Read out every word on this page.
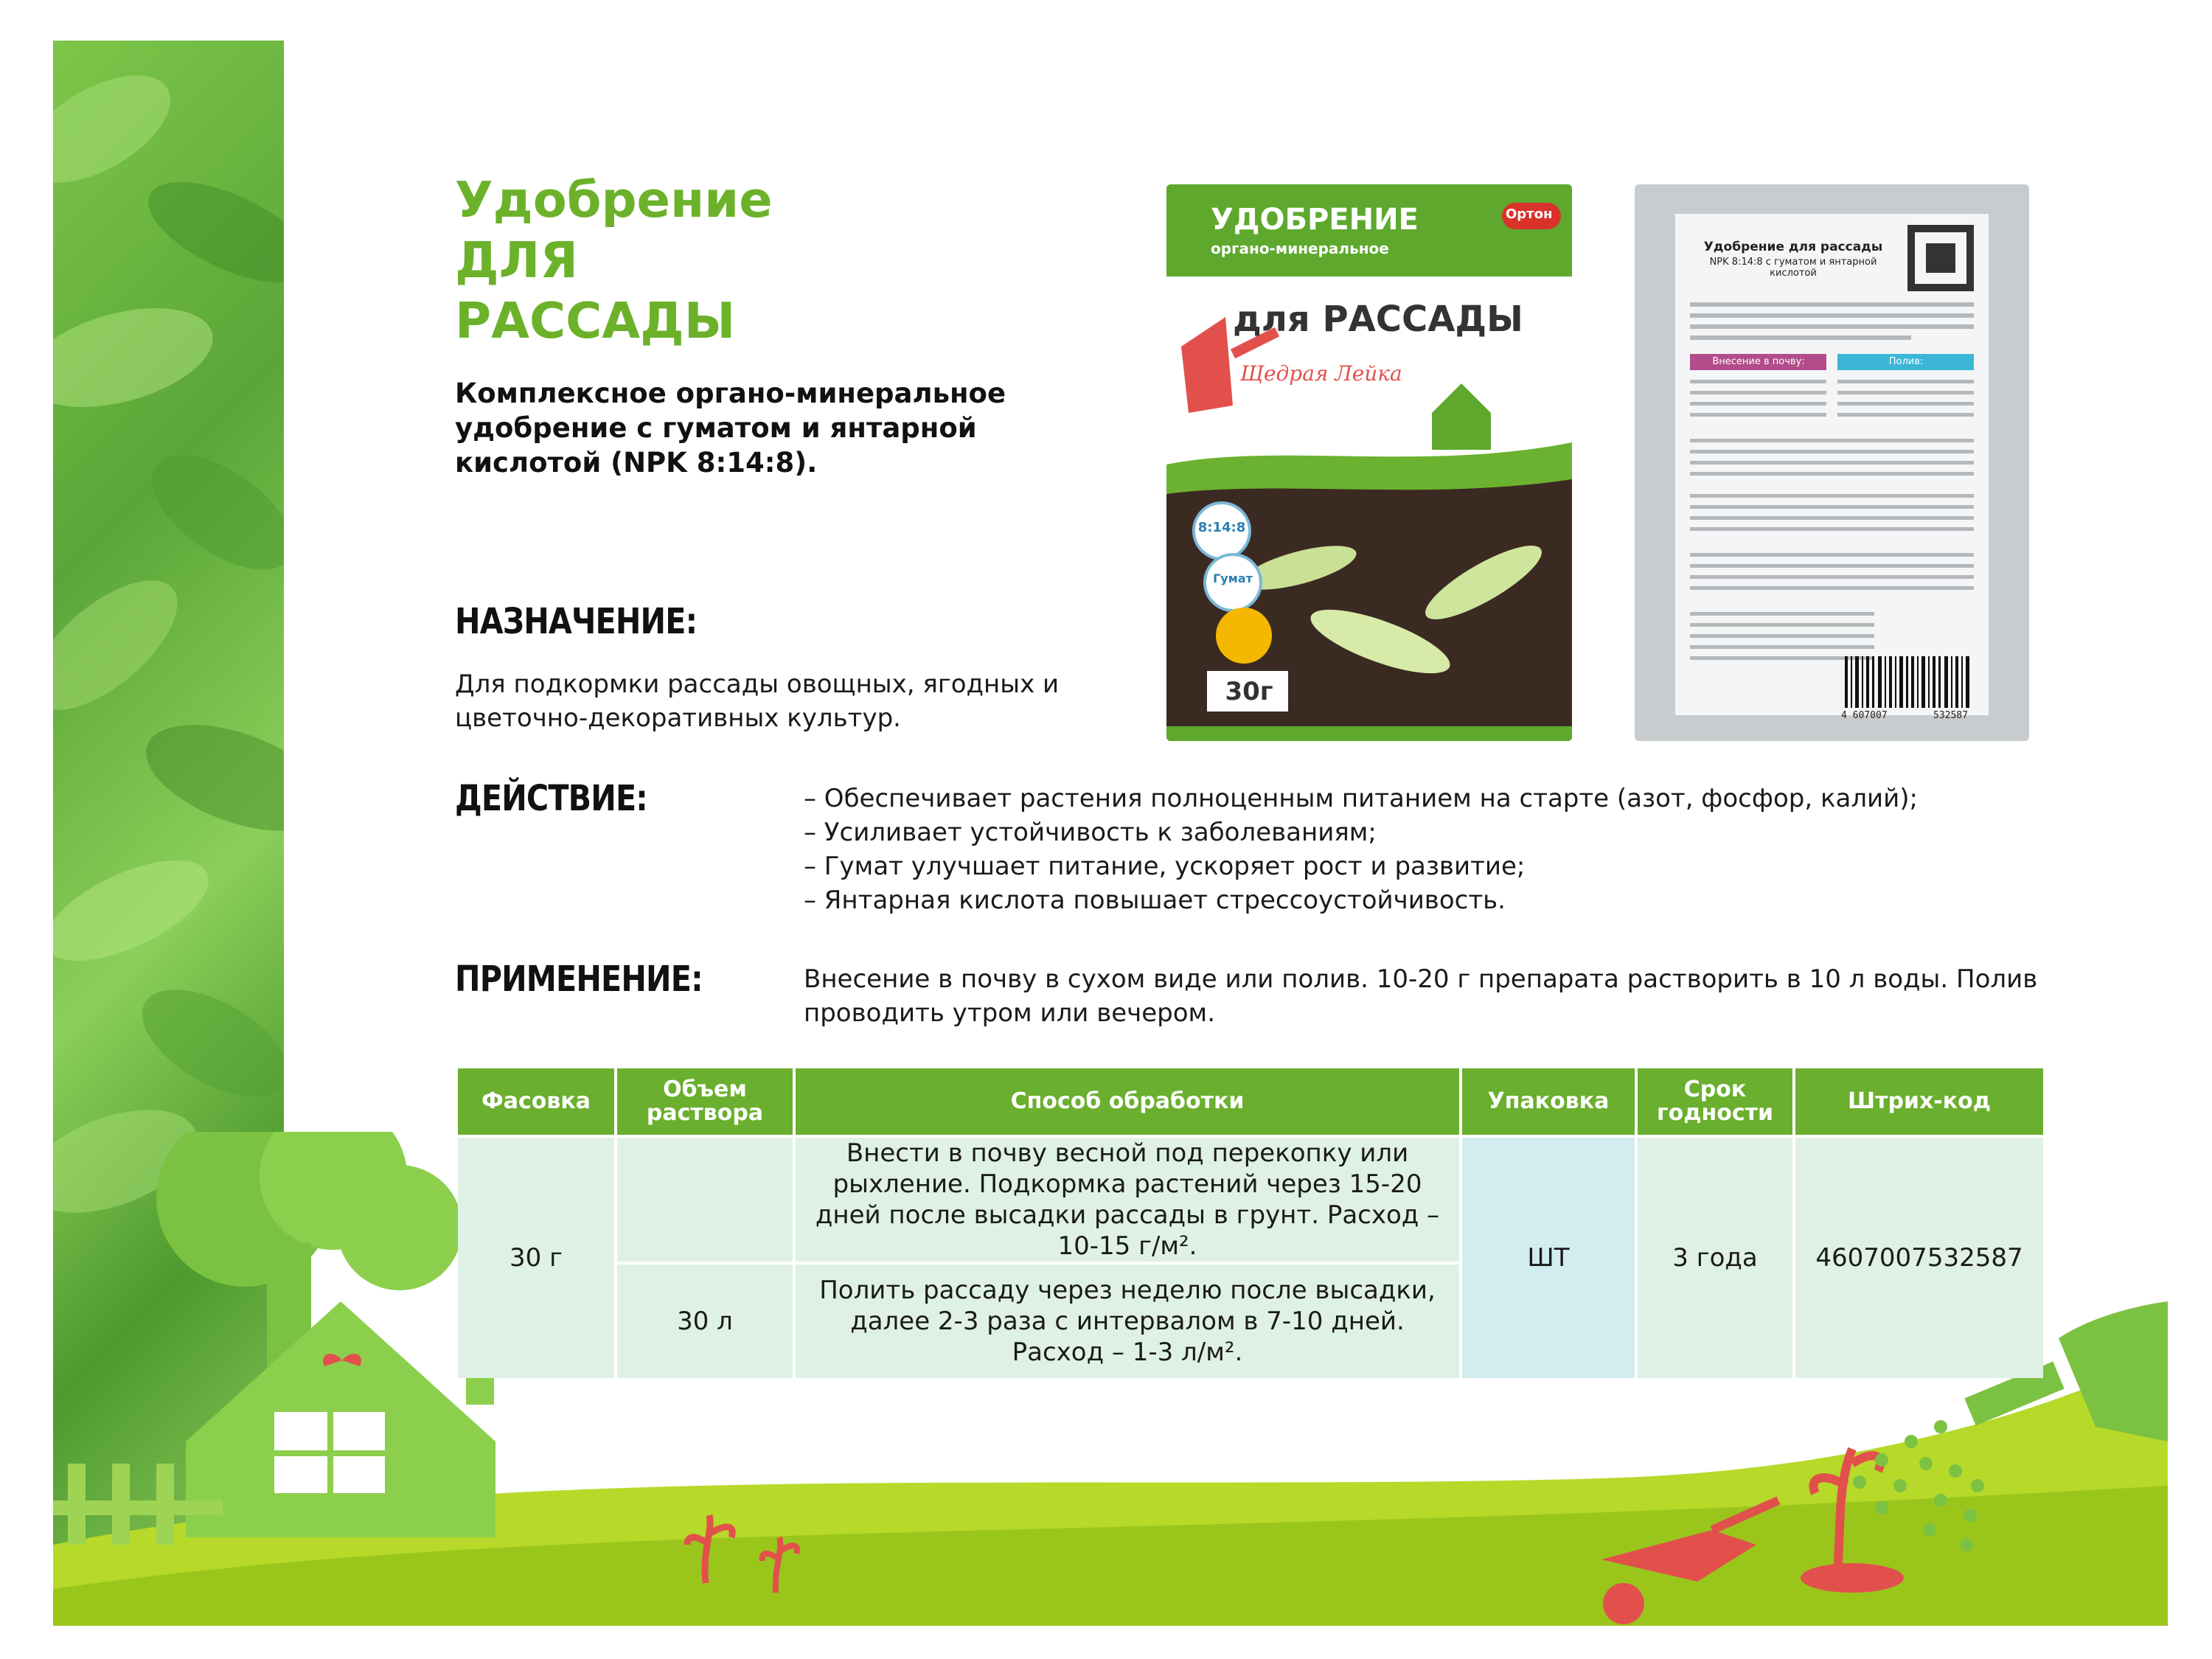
Удобрение
ДЛЯ
РАССАДЫ

Комплексное органо-минеральное удобрение с гуматом и янтарной кислотой (NPK 8:14:8).

УДОБРЕНИЕ
органо-минеральное
Ортон
для РАССАДЫ
Щедрая Лейка
8:14:8
Гумат
30г
Удобрение для рассады
NPK 8:14:8 с гуматом и янтарной кислотой
Внесение в почву:	Полив:
4 607007	532587
НАЗНАЧЕНИЕ:

Для подкормки рассады овощных, ягодных и цветочно-декоративных культур.

ДЕЙСТВИЕ:	– Обеспечивает растения полноценным питанием на старте (азот, фосфор, калий);
– Усиливает устойчивость к заболеваниям;
– Гумат улучшает питание, ускоряет рост и развитие;
– Янтарная кислота повышает стрессоустойчивость.
ПРИМЕНЕНИЕ:	Внесение в почву в сухом виде или полив. 10-20 г препарата растворить в 10 л воды. Полив проводить утром или вечером.

Фасовка	Объем раствора	Способ обработки	Упаковка	Срок годности	Штрих-код
30 г		Внести в почву весной под перекопку или рыхление. Подкормка растений через 15-20 дней после высадки рассады в грунт. Расход – 10-15 г/м².	ШТ	3 года	4607007532587
	30 л	Полить рассаду через неделю после высадки, далее 2-3 раза с интервалом в 7-10 дней. Расход – 1-3 л/м².			
